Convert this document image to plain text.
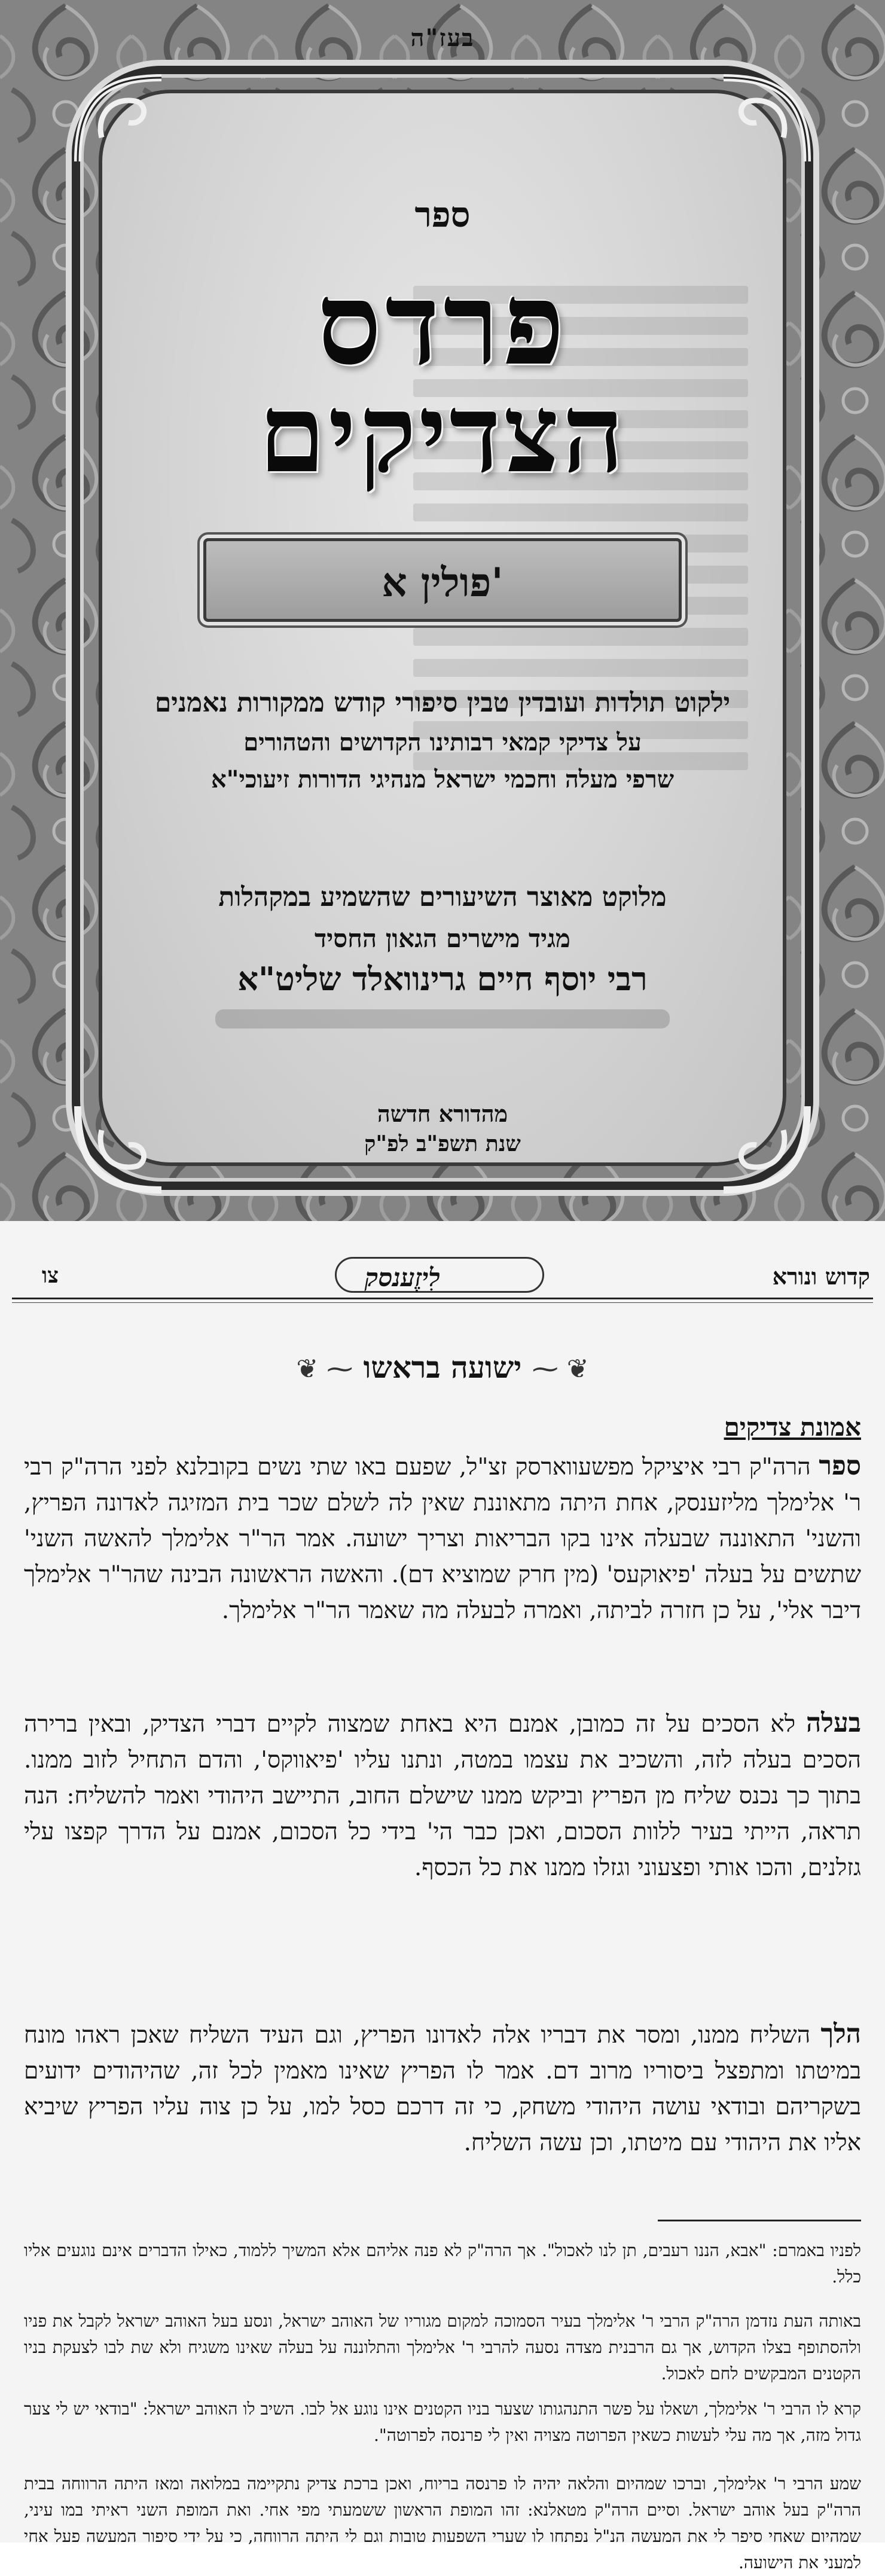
בעז"ה
ספר
פרדס
הצדיקים
פולין א'
ילקוט תולדות ועובדין טבין סיפורי קודש ממקורות נאמנים
על צדיקי קמאי רבותינו הקדושים והטהורים
שרפי מעלה וחכמי ישראל מנהיגי הדורות זיעוכי"א
מלוקט מאוצר השיעורים שהשמיע במקהלות
מגיד מישרים הגאון החסיד
רבי יוסף חיים גרינוואלד שליט"א
מהדורא חדשה
שנת תשפ"ב לפ"ק
קדוש ונורא
לִיזֶענסק
צו
❦ ⁓ ישועה בראשו ⁓ ❦
אמונת צדיקים
ספר הרה"ק רבי איציקל מפשעווארסק זצ"ל, שפעם באו שתי נשים בקובלנא לפני הרה"ק רבי ר' אלימלך מליזענסק, אחת היתה מתאוננת שאין לה לשלם שכר בית המזיגה לאדונה הפריץ, והשני' התאוננה שבעלה אינו בקו הבריאות וצריך ישועה. אמר הר"ר אלימלך להאשה השני' שתשים על בעלה 'פיאוקעס' (מין חרק שמוציא דם). והאשה הראשונה הבינה שהר"ר אלימלך דיבר אלי', על כן חזרה לביתה, ואמרה לבעלה מה שאמר הר"ר אלימלך.
בעלה לא הסכים על זה כמובן, אמנם היא באחת שמצוה לקיים דברי הצדיק, ובאין ברירה הסכים בעלה לזה, והשכיב את עצמו במטה, ונתנו עליו 'פיאווקס', והדם התחיל לזוב ממנו. בתוך כך נכנס שליח מן הפריץ וביקש ממנו שישלם החוב, התיישב היהודי ואמר להשליח: הנה תראה, הייתי בעיר ללוות הסכום, ואכן כבר הי' בידי כל הסכום, אמנם על הדרך קפצו עלי גזלנים, והכו אותי ופצעוני וגזלו ממנו את כל הכסף.
הלך השליח ממנו, ומסר את דבריו אלה לאדונו הפריץ, וגם העיד השליח שאכן ראהו מונח במיטתו ומתפצל ביסוריו מרוב דם. אמר לו הפריץ שאינו מאמין לכל זה, שהיהודים ידועים בשקריהם ובודאי עושה היהודי משחק, כי זה דרכם כסל למו, על כן צוה עליו הפריץ שיביא אליו את היהודי עם מיטתו, וכן עשה השליח.
לפניו באמרם: "אבא, הננו רעבים, תן לנו לאכול". אך הרה"ק לא פנה אליהם אלא המשיך ללמוד, כאילו הדברים אינם נוגעים אליו כלל.
באותה העת נזדמן הרה"ק הרבי ר' אלימלך בעיר הסמוכה למקום מגוריו של האוהב ישראל, ונסע בעל האוהב ישראל לקבל את פניו ולהסתופף בצלו הקדוש, אך גם הרבנית מצדה נסעה להרבי ר' אלימלך והתלוננה על בעלה שאינו משגיח ולא שת לבו לצעקת בניו הקטנים המבקשים לחם לאכול.
קרא לו הרבי ר' אלימלך, ושאלו על פשר התנהגותו שצער בניו הקטנים אינו נוגע אל לבו. השיב לו האוהב ישראל: "בודאי יש לי צער גדול מזה, אך מה עלי לעשות כשאין הפרוטה מצויה ואין לי פרנסה לפרוטה".
שמע הרבי ר' אלימלך, וברכו שמהיום והלאה יהיה לו פרנסה בריוח, ואכן ברכת צדיק נתקיימה במלואה ומאז היתה הרווחה בבית הרה"ק בעל אוהב ישראל. וסיים הרה"ק מטאלנא: זהו המופת הראשון ששמעתי מפי אחי. ואת המופת השני ראיתי במו עיני, שמהיום שאחי סיפר לי את המעשה הנ"ל נפתחו לו שערי השפעות טובות וגם לי היתה הרווחה, כי על ידי סיפור המעשה פעל אחי למעני את הישועה.
